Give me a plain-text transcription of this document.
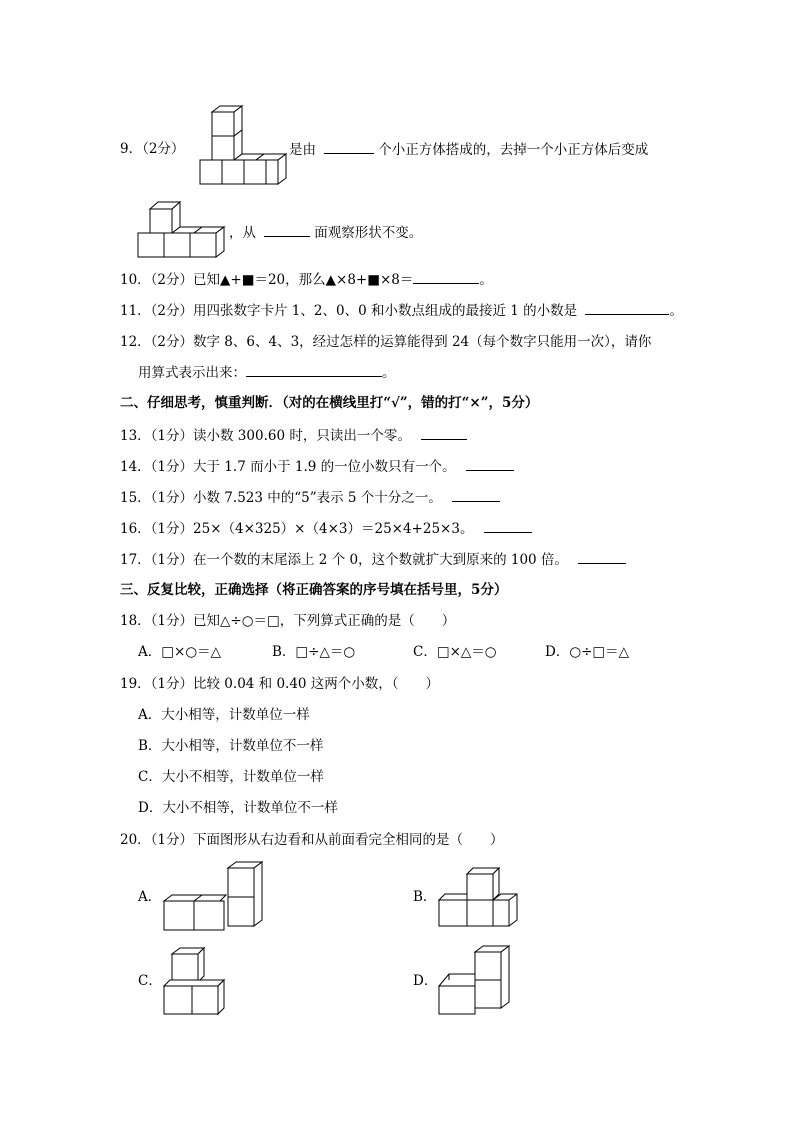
9．（2分）	是由	个小正方体搭成的，去掉一个小正方体后变成
，从	面观察形状不变。
10．（2分）已知▲+■＝20，那么▲×8+■×8＝	。
11．（2分）用四张数字卡片 1、2、0、0 和小数点组成的最接近 1 的小数是	。
12．（2分）数字 8、6、4、3，经过怎样的运算能得到 24（每个数字只能用一次），请你
用算式表示出来：	。
二、仔细思考，慎重判断．（对的在横线里打“√”，错的打“×”，5分）
13．（1分）读小数 300.60 时，只读出一个零。
14．（1分）大于 1.7 而小于 1.9 的一位小数只有一个。
15．（1分）小数 7.523 中的“5”表示 5 个十分之一。
16．（1分）25×（4×325）×（4×3）＝25×4+25×3。
17．（1分）在一个数的末尾添上 2 个 0，这个数就扩大到原来的 100 倍。
三、反复比较，正确选择（将正确答案的序号填在括号里，5分）
18．（1分）已知△÷○＝□，下列算式正确的是（　　）
A．□×○＝△	B．□÷△＝○	C．□×△＝○	D．○÷□＝△
19．（1分）比较 0.04 和 0.40 这两个小数，（　　）
A．大小相等，计数单位一样
B．大小相等，计数单位不一样
C．大小不相等，计数单位一样
D．大小不相等，计数单位不一样
20．（1分）下面图形从右边看和从前面看完全相同的是（　　）
A．	B．
C．	D．
